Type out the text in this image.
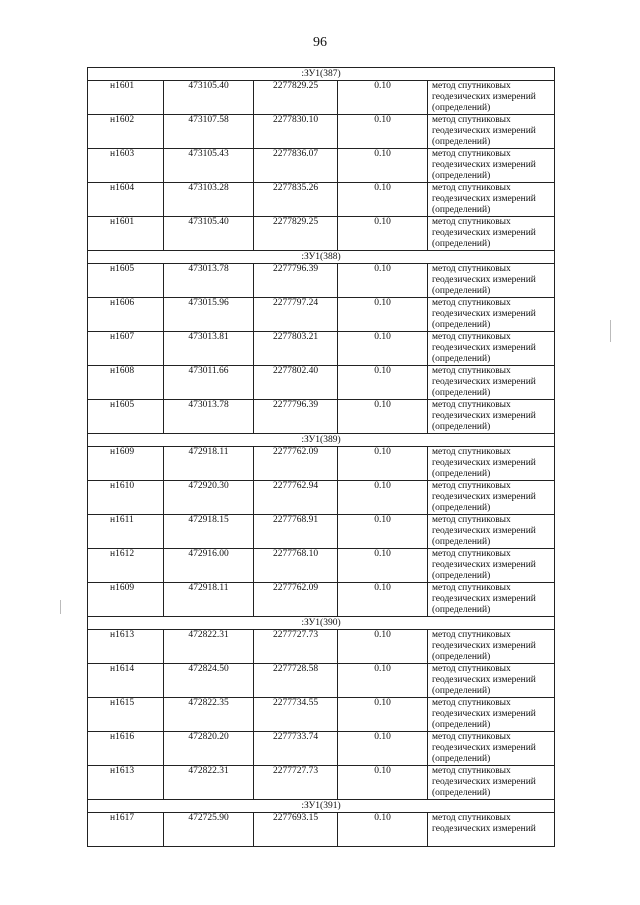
96
:ЗУ1(387)				
н1601	473105.40	2277829.25	0.10	метод спутниковых
геодезических измерений
(определений)

н1602	473107.58	2277830.10	0.10	метод спутниковых
геодезических измерений
(определений)

н1603	473105.43	2277836.07	0.10	метод спутниковых
геодезических измерений
(определений)

н1604	473103.28	2277835.26	0.10	метод спутниковых
геодезических измерений
(определений)

н1601	473105.40	2277829.25	0.10	метод спутниковых
геодезических измерений
(определений)

:ЗУ1(388)				
н1605	473013.78	2277796.39	0.10	метод спутниковых
геодезических измерений
(определений)

н1606	473015.96	2277797.24	0.10	метод спутниковых
геодезических измерений
(определений)

н1607	473013.81	2277803.21	0.10	метод спутниковых
геодезических измерений
(определений)

н1608	473011.66	2277802.40	0.10	метод спутниковых
геодезических измерений
(определений)

н1605	473013.78	2277796.39	0.10	метод спутниковых
геодезических измерений
(определений)

:ЗУ1(389)				
н1609	472918.11	2277762.09	0.10	метод спутниковых
геодезических измерений
(определений)

н1610	472920.30	2277762.94	0.10	метод спутниковых
геодезических измерений
(определений)

н1611	472918.15	2277768.91	0.10	метод спутниковых
геодезических измерений
(определений)

н1612	472916.00	2277768.10	0.10	метод спутниковых
геодезических измерений
(определений)

н1609	472918.11	2277762.09	0.10	метод спутниковых
геодезических измерений
(определений)

:ЗУ1(390)				
н1613	472822.31	2277727.73	0.10	метод спутниковых
геодезических измерений
(определений)

н1614	472824.50	2277728.58	0.10	метод спутниковых
геодезических измерений
(определений)

н1615	472822.35	2277734.55	0.10	метод спутниковых
геодезических измерений
(определений)

н1616	472820.20	2277733.74	0.10	метод спутниковых
геодезических измерений
(определений)

н1613	472822.31	2277727.73	0.10	метод спутниковых
геодезических измерений
(определений)

:ЗУ1(391)				
н1617	472725.90	2277693.15	0.10	метод спутниковых
геодезических измерений
